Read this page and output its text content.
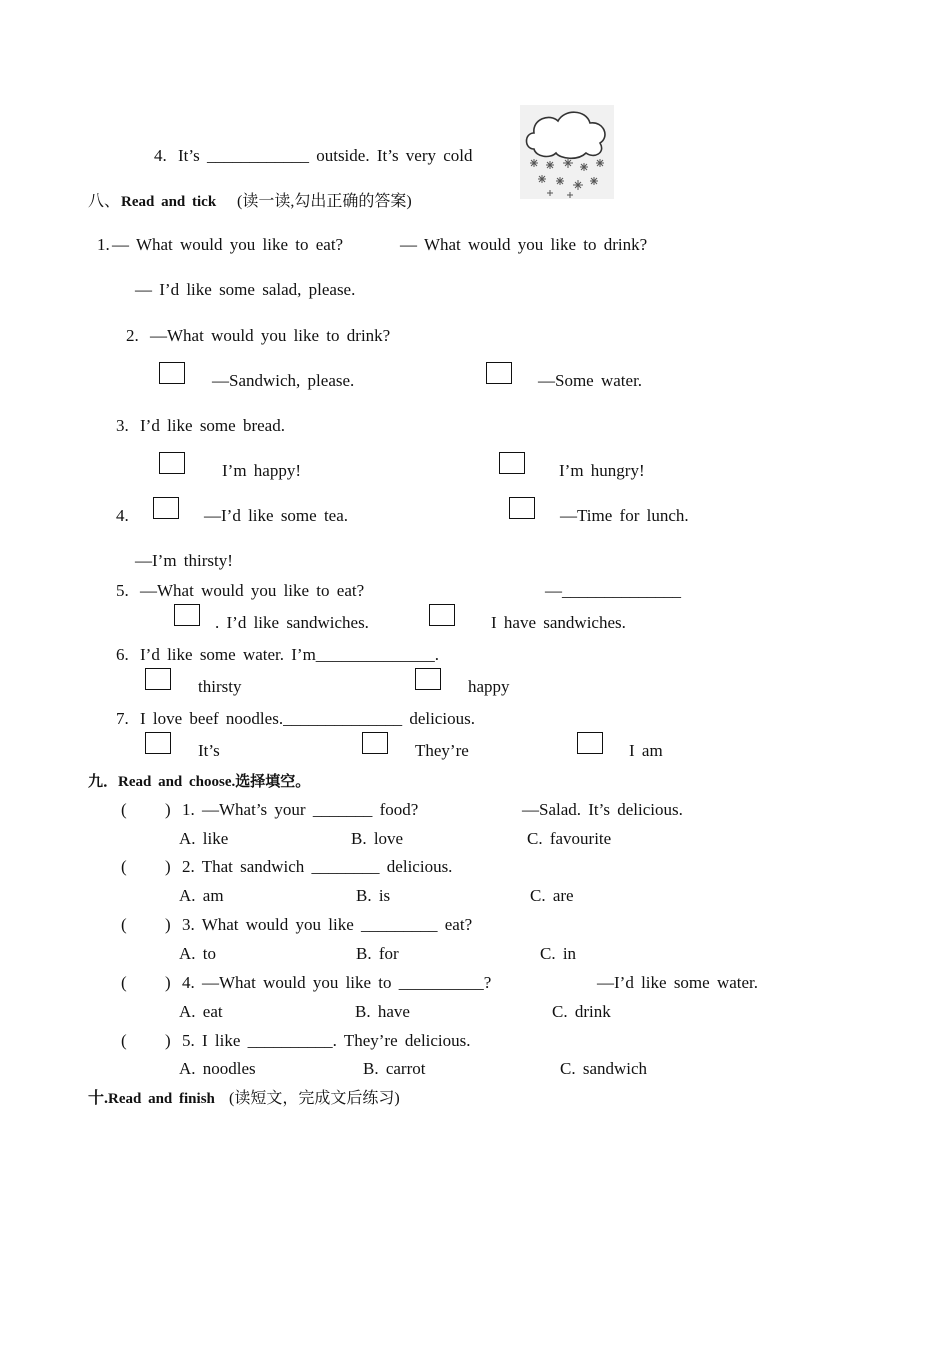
4. It’s ____________ outside. It’s very cold
八、 Read and tick (读一读,勾出正确的答案)
1. — What would you like to eat?	— What would you like to drink?
— I’d like some salad, please.
2. —What would you like to drink?
—Sandwich, please.	—Some water.
3. I’d like some bread.
I’m happy!	I’m hungry!
4.	—I’d like some tea.	—Time for lunch.
—I’m thirsty!
5. —What would you like to eat?	—______________
. I’d like sandwiches.	I have sandwiches.
6. I’d like some water. I’m______________.
thirsty	happy
7. I love beef noodles.______________ delicious.
It’s	They’re	I am
九．Read and choose.选择填空。
( ) 1. —What’s your _______ food?	—Salad. It’s delicious.
A. like	B. love	C. favourite
( ) 2. That sandwich ________ delicious.
A. am	B. is	C. are
( ) 3. What would you like _________ eat?
A. to	B. for	C. in
( ) 4. —What would you like to __________?	—I’d like some water.
A. eat	B. have	C. drink
( ) 5. I like __________. They’re delicious.
A. noodles	B. carrot	C. sandwich
十. Read and finish (读短文，完成文后练习)
